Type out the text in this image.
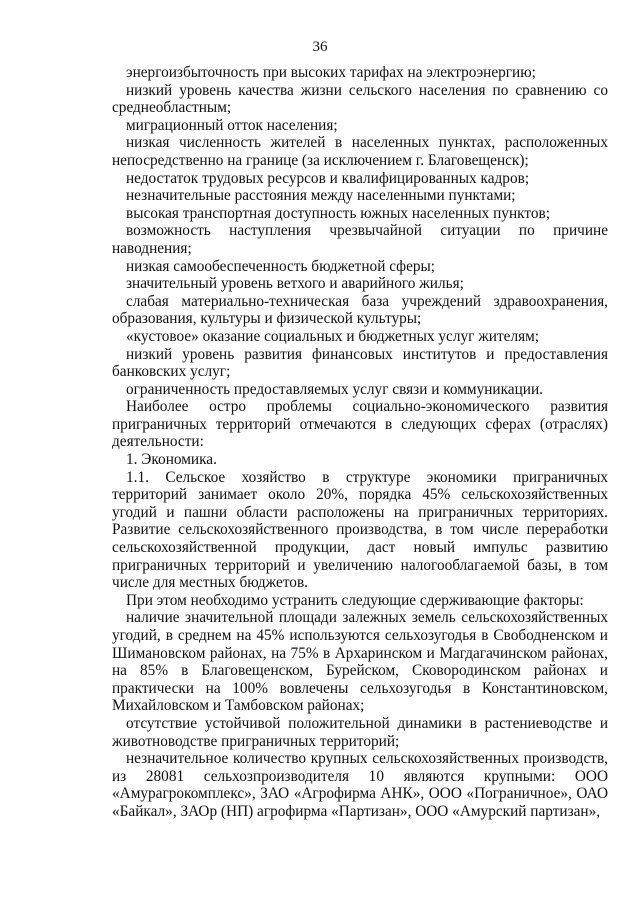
36

энергоизбыточность при высоких тарифах на электроэнергию;

низкий уровень качества жизни сельского населения по сравнению со среднеобластным;

миграционный отток населения;

низкая численность жителей в населенных пунктах, расположенных непосредственно на границе (за исключением г. Благовещенск);

недостаток трудовых ресурсов и квалифицированных кадров;

незначительные расстояния между населенными пунктами;

высокая транспортная доступность южных населенных пунктов;

возможность наступления чрезвычайной ситуации по причине наводнения;

низкая самообеспеченность бюджетной сферы;

значительный уровень ветхого и аварийного жилья;

слабая материально-техническая база учреждений здравоохранения, образования, культуры и физической культуры;

«кустовое» оказание социальных и бюджетных услуг жителям;

низкий уровень развития финансовых институтов и предоставления банковских услуг;

ограниченность предоставляемых услуг связи и коммуникации.

Наиболее остро проблемы социально-экономического развития приграничных территорий отмечаются в следующих сферах (отраслях) деятельности:

1. Экономика.

1.1. Сельское хозяйство в структуре экономики приграничных территорий занимает около 20%, порядка 45% сельскохозяйственных угодий и пашни области расположены на приграничных территориях. Развитие сельскохозяйственного производства, в том числе переработки сельскохозяйственной продукции, даст новый импульс развитию приграничных территорий и увеличению налогооблагаемой базы, в том числе для местных бюджетов.

При этом необходимо устранить следующие сдерживающие факторы:

наличие значительной площади залежных земель сельскохозяйственных угодий, в среднем на 45% используются сельхозугодья в Свободненском и Шимановском районах, на 75% в Архаринском и Магдагачинском районах, на 85% в Благовещенском, Бурейском, Сковородинском районах и практически на 100% вовлечены сельхозугодья в Константиновском, Михайловском и Тамбовском районах;

отсутствие устойчивой положительной динамики в растениеводстве и животноводстве приграничных территорий;

незначительное количество крупных сельскохозяйственных производств, из 28081 сельхозпроизводителя 10 являются крупными: ООО «Амурагрокомплекс», ЗАО «Агрофирма АНК», ООО «Пограничное», ОАО «Байкал», ЗАОр (НП) агрофирма «Партизан», ООО «Амурский партизан»,
